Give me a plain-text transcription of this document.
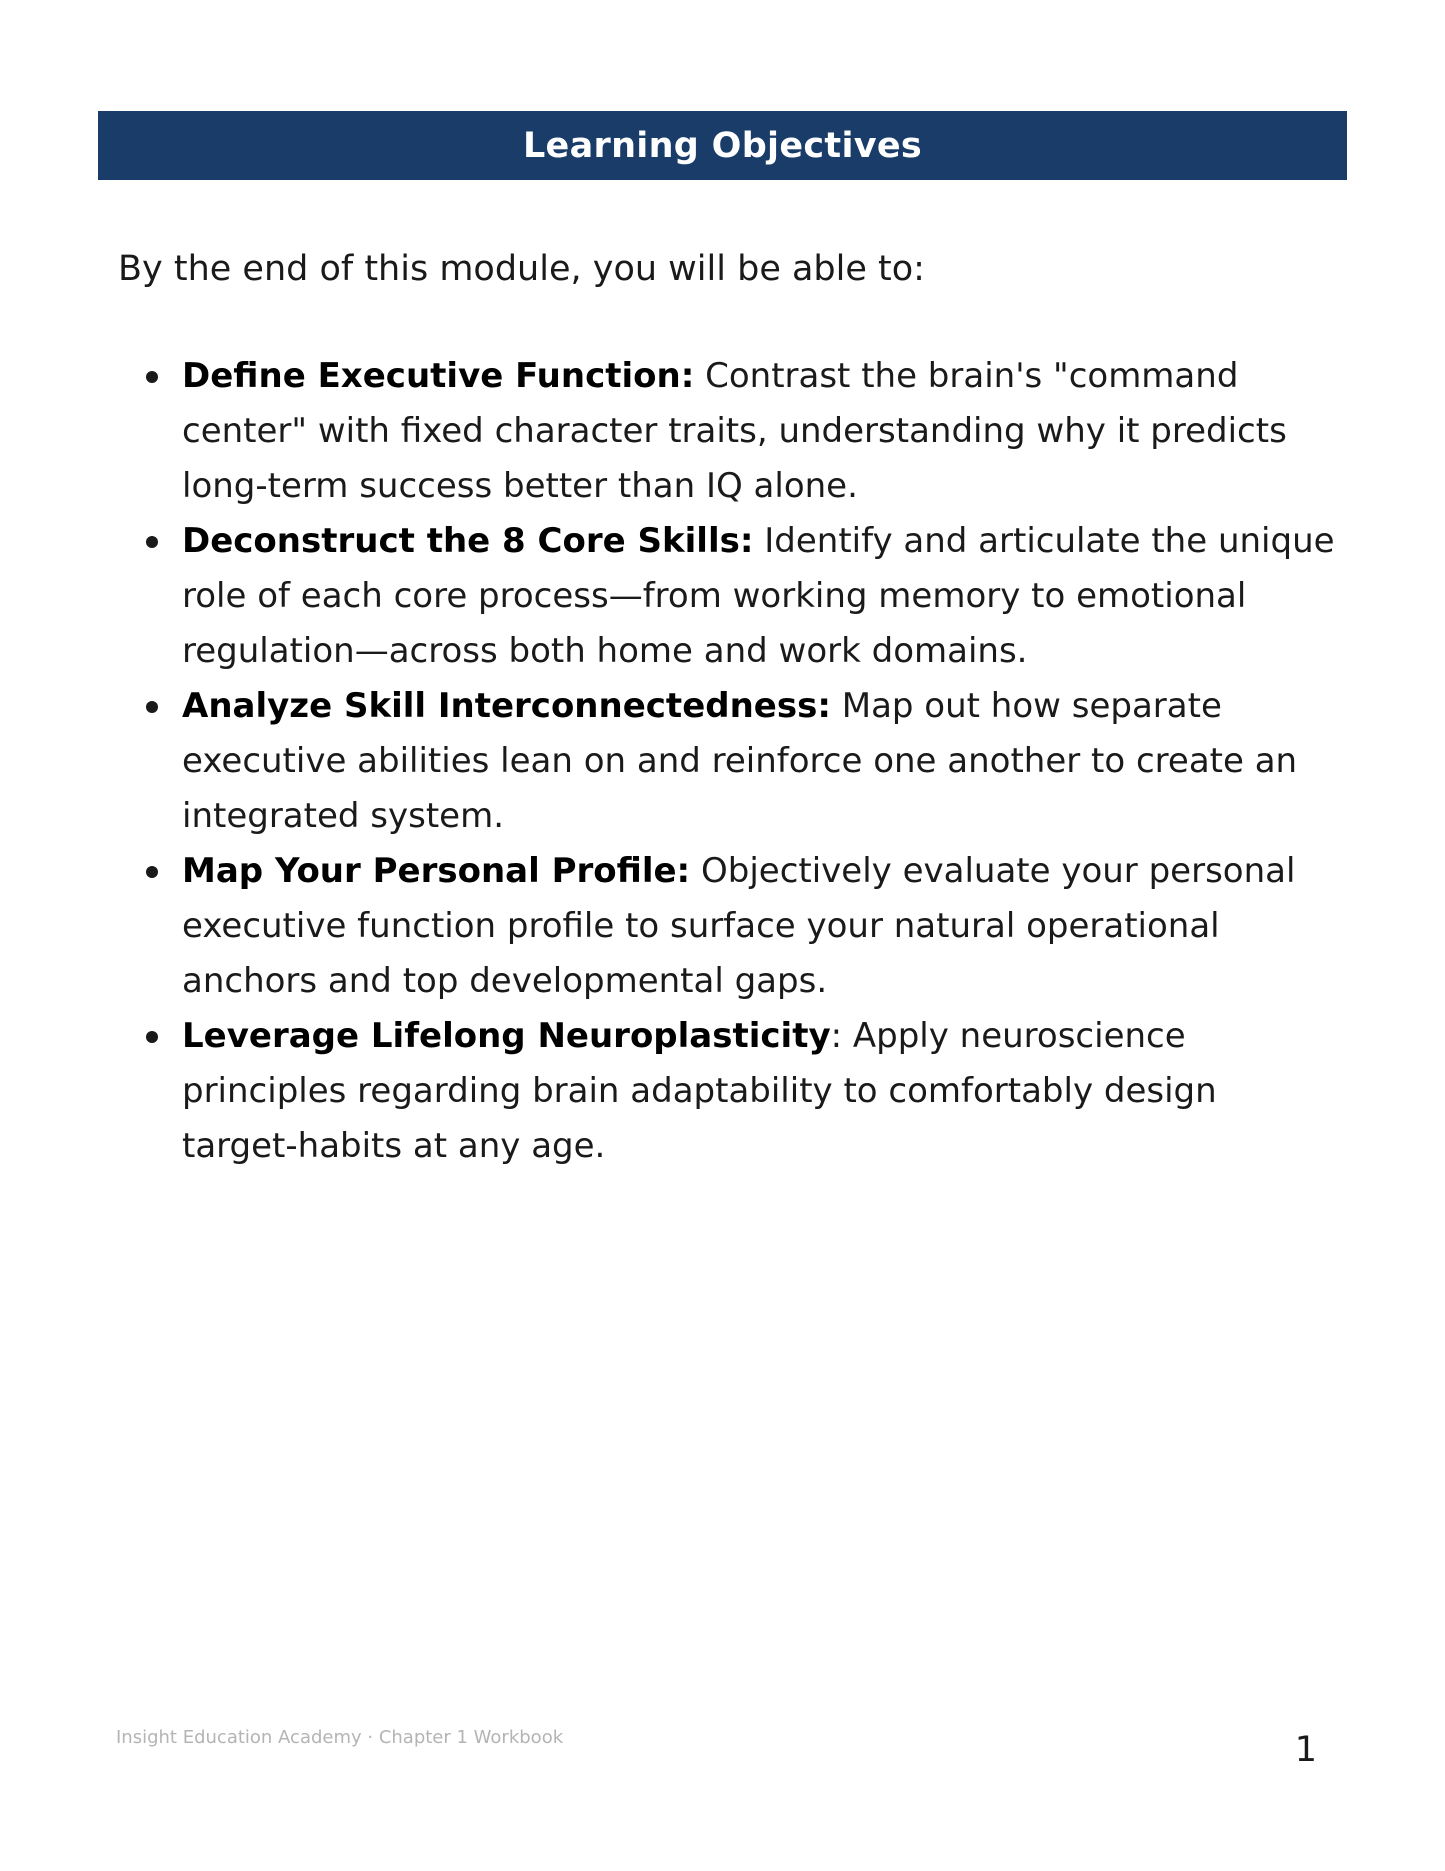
Learning Objectives

By the end of this module, you will be able to:

Define Executive Function: Contrast the brain's "command center" with fixed character traits, understanding why it predicts long-term success better than IQ alone.
Deconstruct the 8 Core Skills: Identify and articulate the unique role of each core process—from working memory to emotional regulation—across both home and work domains.
Analyze Skill Interconnectedness: Map out how separate executive abilities lean on and reinforce one another to create an integrated system.
Map Your Personal Profile: Objectively evaluate your personal executive function profile to surface your natural operational anchors and top developmental gaps.
Leverage Lifelong Neuroplasticity: Apply neuroscience principles regarding brain adaptability to comfortably design target-habits at any age.
Insight Education Academy · Chapter 1 Workbook	1
